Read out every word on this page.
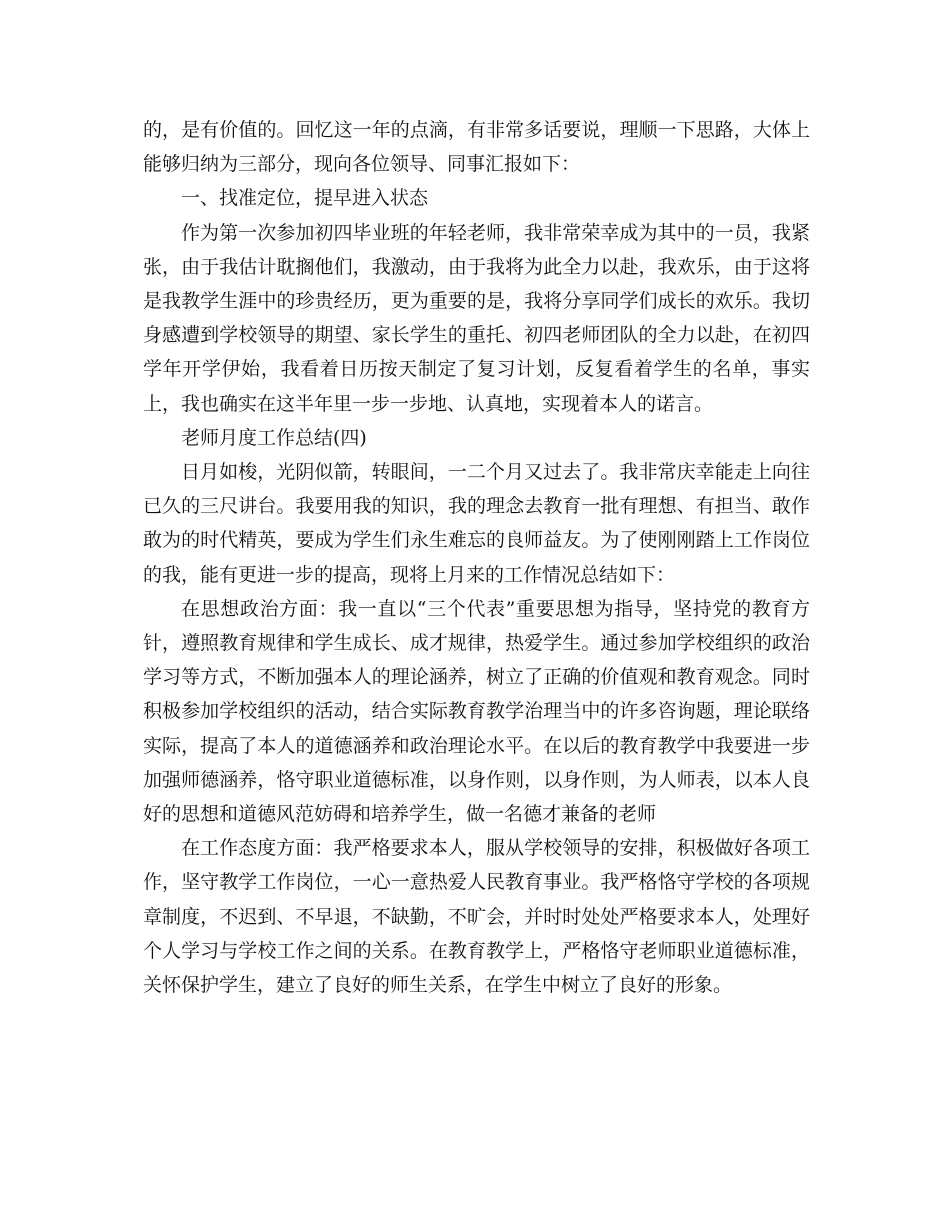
的，是有价值的。回忆这一年的点滴，有非常多话要说，理顺一下思路，大体上能够归纳为三部分，现向各位领导、同事汇报如下：

一、找准定位，提早进入状态

作为第一次参加初四毕业班的年轻老师，我非常荣幸成为其中的一员，我紧张，由于我估计耽搁他们，我激动，由于我将为此全力以赴，我欢乐，由于这将是我教学生涯中的珍贵经历，更为重要的是，我将分享同学们成长的欢乐。我切身感遭到学校领导的期望、家长学生的重托、初四老师团队的全力以赴，在初四学年开学伊始，我看着日历按天制定了复习计划，反复看着学生的名单，事实上，我也确实在这半年里一步一步地、认真地，实现着本人的诺言。

老师月度工作总结(四)

日月如梭，光阴似箭，转眼间，一二个月又过去了。我非常庆幸能走上向往已久的三尺讲台。我要用我的知识，我的理念去教育一批有理想、有担当、敢作敢为的时代精英，要成为学生们永生难忘的良师益友。为了使刚刚踏上工作岗位的我，能有更进一步的提高，现将上月来的工作情况总结如下：

在思想政治方面：我一直以“三个代表”重要思想为指导，坚持党的教育方针，遵照教育规律和学生成长、成才规律，热爱学生。通过参加学校组织的政治学习等方式，不断加强本人的理论涵养，树立了正确的价值观和教育观念。同时积极参加学校组织的活动，结合实际教育教学治理当中的许多咨询题，理论联络实际，提高了本人的道德涵养和政治理论水平。在以后的教育教学中我要进一步加强师德涵养，恪守职业道德标准，以身作则，以身作则，为人师表，以本人良好的思想和道德风范妨碍和培养学生，做一名德才兼备的老师

在工作态度方面：我严格要求本人，服从学校领导的安排，积极做好各项工作，坚守教学工作岗位，一心一意热爱人民教育事业。我严格恪守学校的各项规章制度，不迟到、不早退，不缺勤，不旷会，并时时处处严格要求本人，处理好个人学习与学校工作之间的关系。在教育教学上，严格恪守老师职业道德标准，关怀保护学生，建立了良好的师生关系，在学生中树立了良好的形象。
